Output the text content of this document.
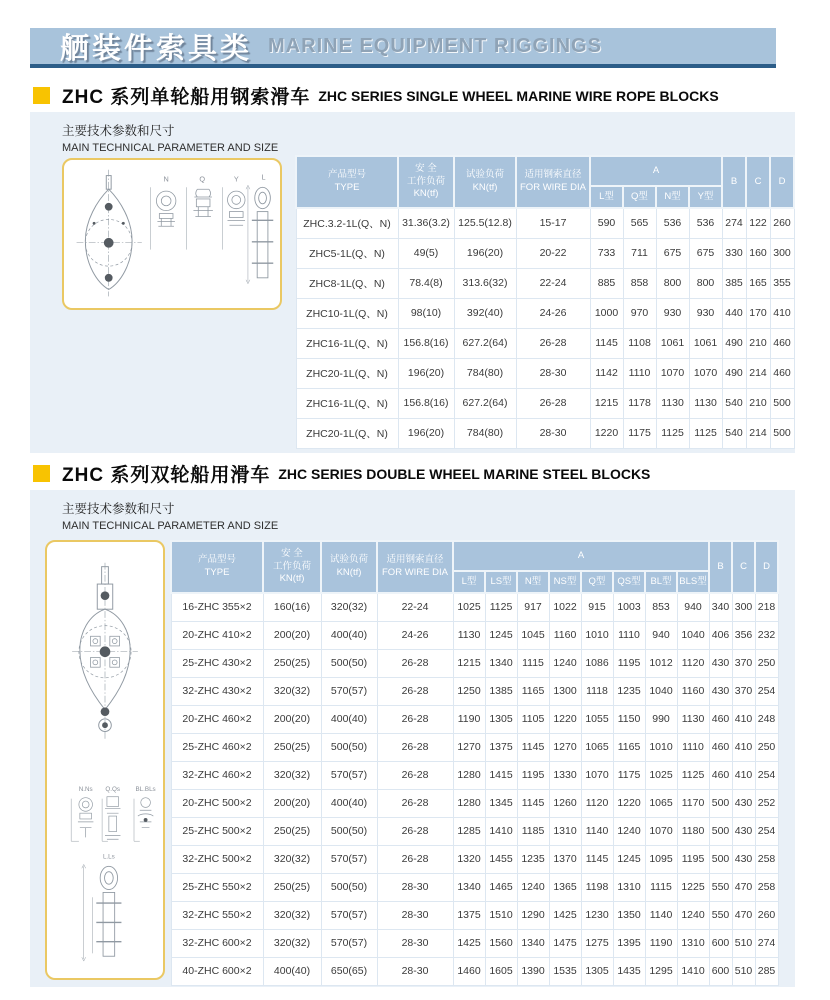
舾装件索具类 MARINE EQUIPMENT RIGGINGS
ZHC 系列单轮船用钢索滑车 ZHC SERIES SINGLE WHEEL MARINE WIRE ROPE BLOCKS
主要技术参数和尺寸
MAIN TECHNICAL PARAMETER AND SIZE
N	Q	Y	L	产品型号
TYPE	安 全
工作负荷
KN(tf)	试验负荷
KN(tf)	适用钢索直径
FOR WIRE DIA	A				B	C	D
				L型	Q型	N型	Y型			
ZHC.3.2-1L(Q、N)	31.36(3.2)	125.5(12.8)	15-17	590	565	536	536	274	122	260
ZHC5-1L(Q、N)	49(5)	196(20)	20-22	733	711	675	675	330	160	300
ZHC8-1L(Q、N)	78.4(8)	313.6(32)	22-24	885	858	800	800	385	165	355
ZHC10-1L(Q、N)	98(10)	392(40)	24-26	1000	970	930	930	440	170	410
ZHC16-1L(Q、N)	156.8(16)	627.2(64)	26-28	1145	1108	1061	1061	490	210	460
ZHC20-1L(Q、N)	196(20)	784(80)	28-30	1142	1110	1070	1070	490	214	460
ZHC16-1L(Q、N)	156.8(16)	627.2(64)	26-28	1215	1178	1130	1130	540	210	500
ZHC20-1L(Q、N)	196(20)	784(80)	28-30	1220	1175	1125	1125	540	214	500
ZHC 系列双轮船用滑车 ZHC SERIES DOUBLE WHEEL MARINE STEEL BLOCKS
主要技术参数和尺寸
MAIN TECHNICAL PARAMETER AND SIZE
N.Ns Q.Qs BL.BLs
L.Ls
产品型号
TYPE	安 全
工作负荷
KN(tf)	试验负荷
KN(tf)	适用钢索直径
FOR WIRE DIA	A								B	C	D
				L型	LS型	N型	NS型	Q型	QS型	BL型	BLS型			
16-ZHC 355×2	160(16)	320(32)	22-24	1025	1125	917	1022	915	1003	853	940	340	300	218
20-ZHC 410×2	200(20)	400(40)	24-26	1130	1245	1045	1160	1010	1110	940	1040	406	356	232
25-ZHC 430×2	250(25)	500(50)	26-28	1215	1340	1115	1240	1086	1195	1012	1120	430	370	250
32-ZHC 430×2	320(32)	570(57)	26-28	1250	1385	1165	1300	1118	1235	1040	1160	430	370	254
20-ZHC 460×2	200(20)	400(40)	26-28	1190	1305	1105	1220	1055	1150	990	1130	460	410	248
25-ZHC 460×2	250(25)	500(50)	26-28	1270	1375	1145	1270	1065	1165	1010	1110	460	410	250
32-ZHC 460×2	320(32)	570(57)	26-28	1280	1415	1195	1330	1070	1175	1025	1125	460	410	254
20-ZHC 500×2	200(20)	400(40)	26-28	1280	1345	1145	1260	1120	1220	1065	1170	500	430	252
25-ZHC 500×2	250(25)	500(50)	26-28	1285	1410	1185	1310	1140	1240	1070	1180	500	430	254
32-ZHC 500×2	320(32)	570(57)	26-28	1320	1455	1235	1370	1145	1245	1095	1195	500	430	258
25-ZHC 550×2	250(25)	500(50)	28-30	1340	1465	1240	1365	1198	1310	1115	1225	550	470	258
32-ZHC 550×2	320(32)	570(57)	28-30	1375	1510	1290	1425	1230	1350	1140	1240	550	470	260
32-ZHC 600×2	320(32)	570(57)	28-30	1425	1560	1340	1475	1275	1395	1190	1310	600	510	274
40-ZHC 600×2	400(40)	650(65)	28-30	1460	1605	1390	1535	1305	1435	1295	1410	600	510	285
